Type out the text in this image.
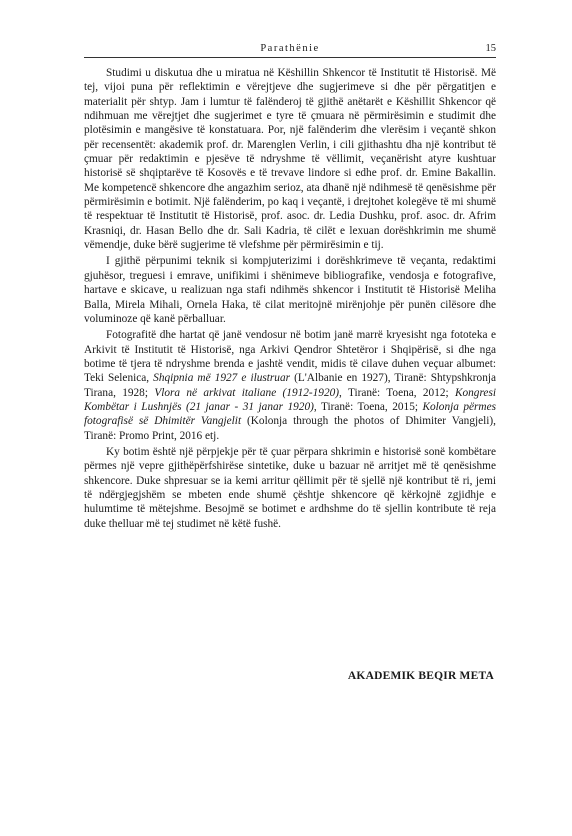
Parathënie	15

Studimi u diskutua dhe u miratua në Këshillin Shkencor të Institutit të Historisë. Më tej, vijoi puna për reflektimin e vërejtjeve dhe sugjerimeve si dhe për përgatitjen e materialit për shtyp. Jam i lumtur të falënderoj të gjithë anëtarët e Këshillit Shkencor që ndihmuan me vërejtjet dhe sugjerimet e tyre të çmuara në përmirësimin e studimit dhe plotësimin e mangësive të konstatuara. Por, një falënderim dhe vlerësim i veçantë shkon për recensentët: akademik prof. dr. Marenglen Verlin, i cili gjithashtu dha një kontribut të çmuar për redaktimin e pjesëve të ndryshme të vëllimit, veçanërisht atyre kushtuar historisë së shqiptarëve të Kosovës e të trevave lindore si edhe prof. dr. Emine Bakallin. Me kompetencë shkencore dhe angazhim serioz, ata dhanë një ndihmesë të qenësishme për përmirësimin e botimit. Një falënderim, po kaq i veçantë, i drejtohet kolegëve të mi shumë të respektuar të Institutit të Historisë, prof. asoc. dr. Ledia Dushku, prof. asoc. dr. Afrim Krasniqi, dr. Hasan Bello dhe dr. Sali Kadria, të cilët e lexuan dorëshkrimin me shumë vëmendje, duke bërë sugjerime të vlefshme për përmirësimin e tij.

I gjithë përpunimi teknik si kompjuterizimi i dorëshkrimeve të veçanta, redaktimi gjuhësor, treguesi i emrave, unifikimi i shënimeve bibliografike, vendosja e fotografive, hartave e skicave, u realizuan nga stafi ndihmës shkencor i Institutit të Historisë Meliha Balla, Mirela Mihali, Ornela Haka, të cilat meritojnë mirënjohje për punën cilësore dhe voluminoze që kanë përballuar.

Fotografitë dhe hartat që janë vendosur në botim janë marrë kryesisht nga fototeka e Arkivit të Institutit të Historisë, nga Arkivi Qendror Shtetëror i Shqipërisë, si dhe nga botime të tjera të ndryshme brenda e jashtë vendit, midis të cilave duhen veçuar albumet: Teki Selenica, Shqipnia më 1927 e ilustruar (L'Albanie en 1927), Tiranë: Shtypshkronja Tirana, 1928; Vlora në arkivat italiane (1912-1920), Tiranë: Toena, 2012; Kongresi Kombëtar i Lushnjës (21 janar - 31 janar 1920), Tiranë: Toena, 2015; Kolonja përmes fotografisë së Dhimitër Vangjelit (Kolonja through the photos of Dhimiter Vangjeli), Tiranë: Promo Print, 2016 etj.

Ky botim është një përpjekje për të çuar përpara shkrimin e historisë sonë kombëtare përmes një vepre gjithëpërfshirëse sintetike, duke u bazuar në arritjet më të qenësishme shkencore. Duke shpresuar se ia kemi arritur qëllimit për të sjellë një kontribut të ri, jemi të ndërgjegjshëm se mbeten ende shumë çështje shkencore që kërkojnë zgjidhje e hulumtime të mëtejshme. Besojmë se botimet e ardhshme do të sjellin kontribute të reja duke thelluar më tej studimet në këtë fushë.

AKADEMIK BEQIR META
